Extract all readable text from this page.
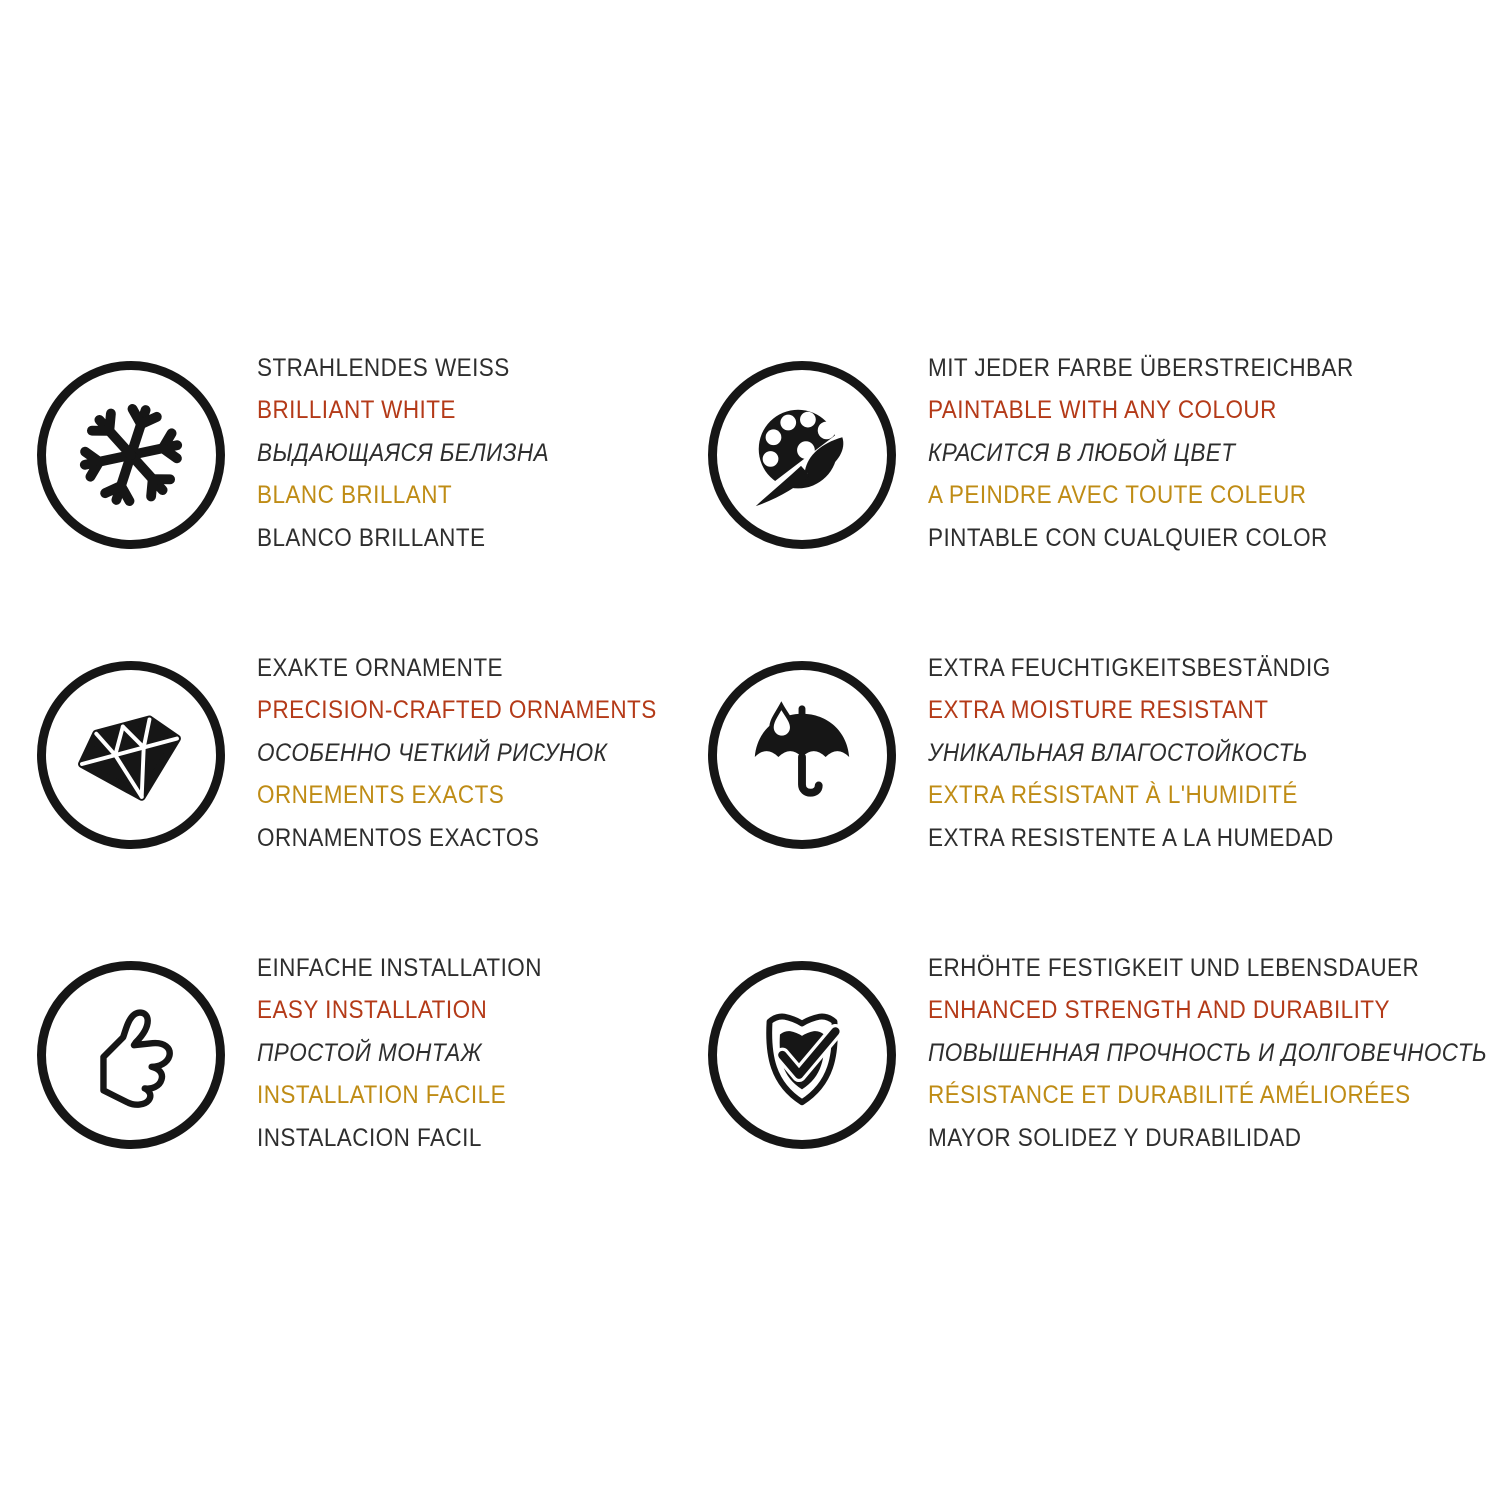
STRAHLENDES WEISS
BRILLIANT WHITE
ВЫДАЮЩАЯСЯ БЕЛИЗНА
BLANC BRILLANT
BLANCO BRILLANTE
MIT JEDER FARBE ÜBERSTREICHBAR
PAINTABLE WITH ANY COLOUR
КРАСИТСЯ В ЛЮБОЙ ЦВЕТ
A PEINDRE AVEC TOUTE COLEUR
PINTABLE CON CUALQUIER COLOR
EXAKTE ORNAMENTE
PRECISION-CRAFTED ORNAMENTS
ОСОБЕННО ЧЕТКИЙ РИСУНОК
ORNEMENTS EXACTS
ORNAMENTOS EXACTOS
EXTRA FEUCHTIGKEITSBESTÄNDIG
EXTRA MOISTURE RESISTANT
УНИКАЛЬНАЯ ВЛАГОСТОЙКОСТЬ
EXTRA RÉSISTANT À L'HUMIDITÉ
EXTRA RESISTENTE A LA HUMEDAD
EINFACHE INSTALLATION
EASY INSTALLATION
ПРОСТОЙ МОНТАЖ
INSTALLATION FACILE
INSTALACION FACIL
ERHÖHTE FESTIGKEIT UND LEBENSDAUER
ENHANCED STRENGTH AND DURABILITY
ПОВЫШЕННАЯ ПРОЧНОСТЬ И ДОЛГОВЕЧНОСТЬ
RÉSISTANCE ET DURABILITÉ AMÉLIORÉES
MAYOR SOLIDEZ Y DURABILIDAD
